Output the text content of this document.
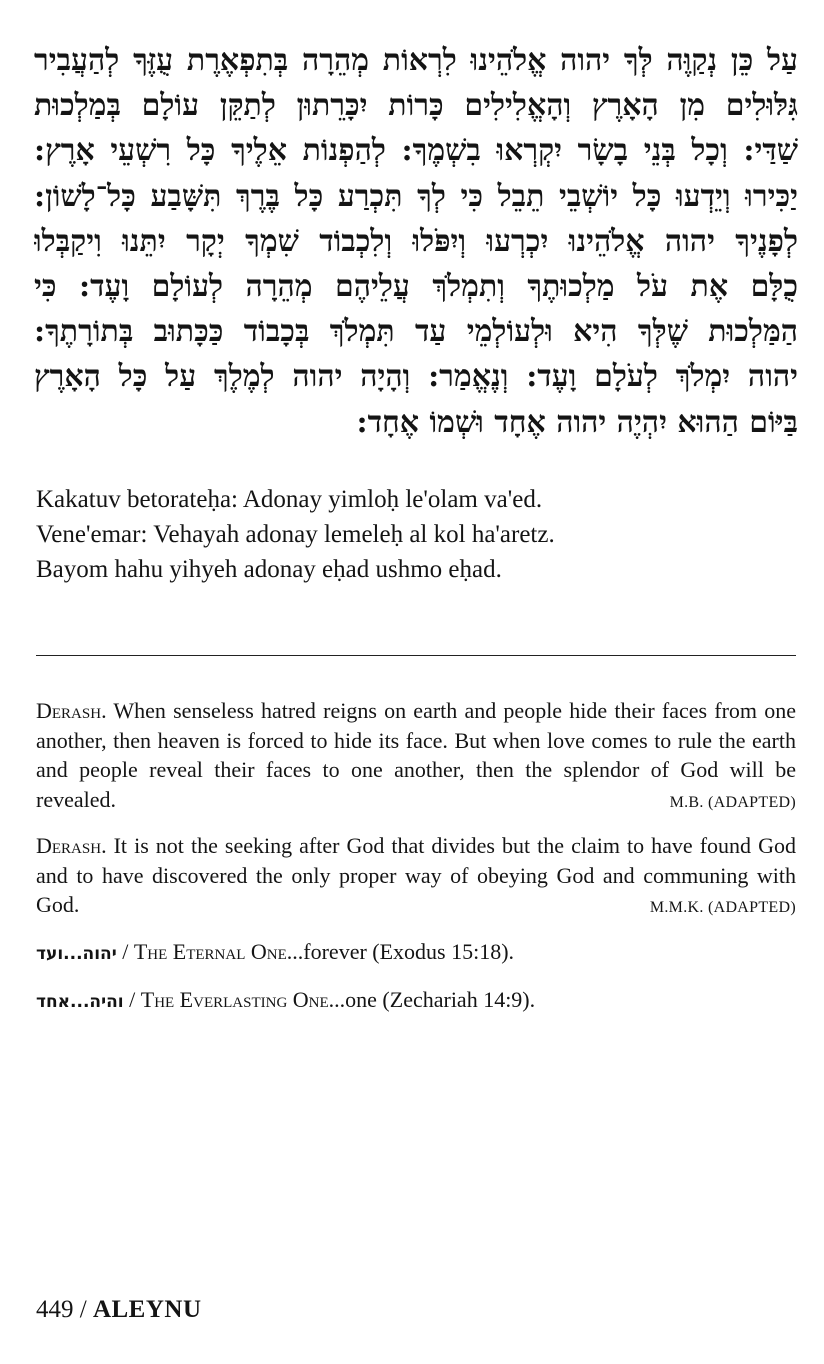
עַל כֵּן נְקַוֶּה לְּךָ יהוה אֱלֹהֵינוּ לִרְאוֹת מְהֵרָה בְּתִפְאֶרֶת עֻזֶּךָ לְהַעֲבִיר
גִּלּוּלִים מִן הָאָרֶץ וְהָאֱלִילִים כָּרוֹת יִכָּרֵתוּן לְתַקֵּן עוֹלָם בְּמַלְכוּת
שַׁדַּי: וְכָל בְּנֵי בָשָׂר יִקְרְאוּ בִשְׁמֶךָ: לְהַפְנוֹת אֵלֶיךָ כָּל רִשְׁעֵי אָרֶץ:
יַכִּירוּ וְיֵדְעוּ כָּל יוֹשְׁבֵי תֵבֵל כִּי לְךָ תִּכְרַע כָּל בֶּרֶךְ תִּשָּׁבַע כָּל־לָשׁוֹן:
לְפָנֶיךָ יהוה אֱלֹהֵינוּ יִכְרְעוּ וְיִפֹּלוּ וְלִכְבוֹד שִׁמְךָ יְקָר יִתֵּנוּ וִיקַבְּלוּ
כֻלָּם אֶת עֹל מַלְכוּתֶךָ וְתִמְלֹךְ עֲלֵיהֶם מְהֵרָה לְעוֹלָם וָעֶד: כִּי
הַמַּלְכוּת שֶׁלְּךָ הִיא וּלְעוֹלְמֵי עַד תִּמְלֹךְ בְּכָבוֹד כַּכָּתוּב בְּתוֹרָתֶךָ:
יהוה יִמְלֹךְ לְעֹלָם וָעֶד: וְנֶאֱמַר: וְהָיָה יהוה לְמֶלֶךְ עַל כָּל הָאָרֶץ
בַּיּוֹם הַהוּא יִהְיֶה יהוה אֶחָד וּשְׁמוֹ אֶחָד:
Kakatuv betorateḥa: Adonay yimloḥ le'olam va'ed.
Vene'emar: Vehayah adonay lemeleḥ al kol ha'aretz.
Bayom hahu yihyeh adonay eḥad ushmo eḥad.

Derash. When senseless hatred reigns on earth and people hide their faces from one another, then heaven is forced to hide its face. But when love comes to rule the earth and people reveal their faces to one another, then the splendor of God will be revealed.	M.B. (ADAPTED)

Derash. It is not the seeking after God that divides but the claim to have found God and to have discovered the only proper way of obeying God and communing with God.	M.M.K. (ADAPTED)

יהוה...ועד / The Eternal One...forever (Exodus 15:18).

והיה...אחד / The Everlasting One...one (Zechariah 14:9).

449 / ALEYNU
